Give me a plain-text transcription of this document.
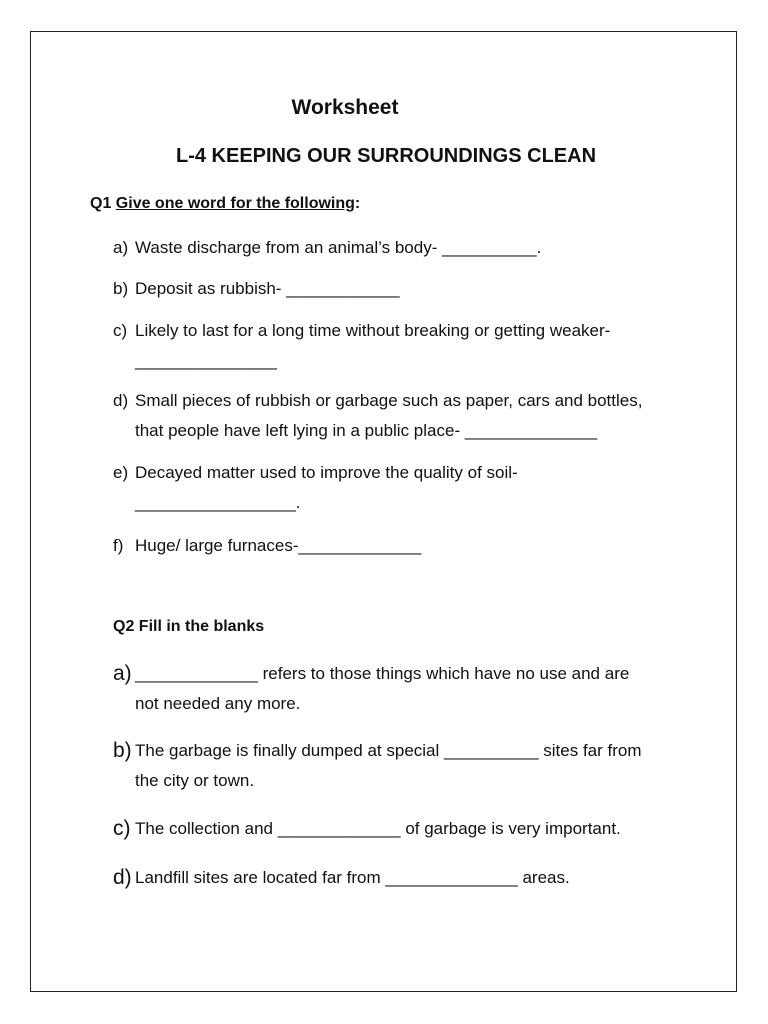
Worksheet
L-4 KEEPING OUR SURROUNDINGS CLEAN
Q1 Give one word for the following:
a) Waste discharge from an animal’s body- __________.
b) Deposit as rubbish- ____________
c) Likely to last for a long time without breaking or getting weaker-
_______________
d) Small pieces of rubbish or garbage such as paper, cars and bottles,
that people have left lying in a public place- ______________
e) Decayed matter used to improve the quality of soil-
_________________.
f) Huge/ large furnaces-_____________
Q2 Fill in the blanks
a) _____________ refers to those things which have no use and are
not needed any more.
b) The garbage is finally dumped at special __________ sites far from
the city or town.
c) The collection and _____________ of garbage is very important.
d) Landfill sites are located far from ______________ areas.
